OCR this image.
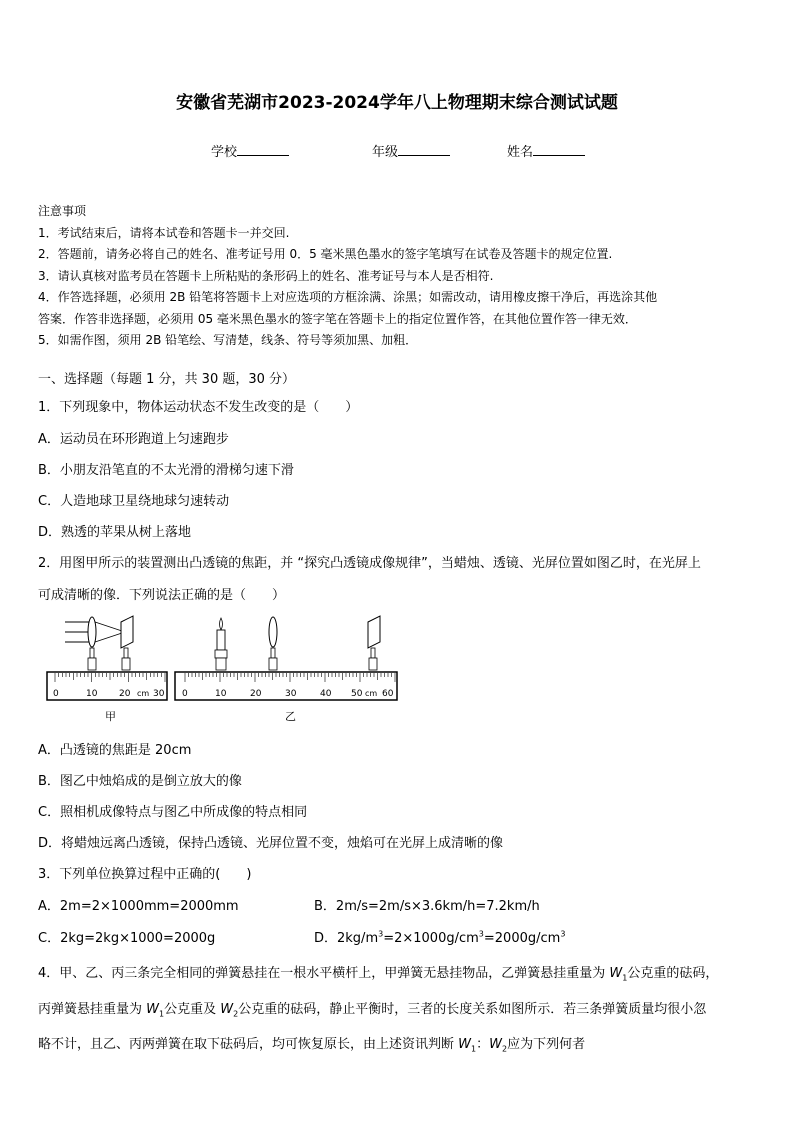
安徽省芜湖市2023-2024学年八上物理期末综合测试试题
学校	年级	姓名

注意事项

1．考试结束后，请将本试卷和答题卡一并交回.

2．答题前，请务必将自己的姓名、准考证号用 0．5 毫米黑色墨水的签字笔填写在试卷及答题卡的规定位置.

3．请认真核对监考员在答题卡上所粘贴的条形码上的姓名、准考证号与本人是否相符.

4．作答选择题，必须用 2B 铅笔将答题卡上对应选项的方框涂满、涂黑；如需改动，请用橡皮擦干净后，再选涂其他

答案．作答非选择题，必须用 05 毫米黑色墨水的签字笔在答题卡上的指定位置作答，在其他位置作答一律无效．

5．如需作图，须用 2B 铅笔绘、写清楚，线条、符号等须加黑、加粗．

一、选择题（每题 1 分，共 30 题，30 分）
1．下列现象中，物体运动状态不发生改变的是（　　）
A．运动员在环形跑道上匀速跑步
B．小朋友沿笔直的不太光滑的滑梯匀速下滑
C．人造地球卫星绕地球匀速转动
D．熟透的苹果从树上落地
2．用图甲所示的装置测出凸透镜的焦距，并 “探究凸透镜成像规律”，当蜡烛、透镜、光屏位置如图乙时，在光屏上
可成清晰的像．下列说法正确的是（　　）
0	10 20 cm 30
甲
0	10	20	30	40 50 cm 60
乙
A．凸透镜的焦距是 20cm
B．图乙中烛焰成的是倒立放大的像
C．照相机成像特点与图乙中所成像的特点相同
D．将蜡烛远离凸透镜，保持凸透镜、光屏位置不变，烛焰可在光屏上成清晰的像
3．下列单位换算过程中正确的(　　)
A．2m=2×1000mm=2000mm	B．2m/s=2m/s×3.6km/h=7.2km/h
C．2kg=2kg×1000=2000g	D．$2kg/m^3=2\times 1000g/cm^3=2000g/cm^3$
4．甲、乙、丙三条完全相同的弹簧悬挂在一根水平横杆上，甲弹簧无悬挂物品，乙弹簧悬挂重量为 $W_1$公克重的砝码，
丙弹簧悬挂重量为 $W_1$公克重及 $W_2$公克重的砝码，静止平衡时，三者的长度关系如图所示．若三条弹簧质量均很小忽
略不计，且乙、丙两弹簧在取下砝码后，均可恢复原长，由上述资讯判断 $W_1$：$W_2$应为下列何者
